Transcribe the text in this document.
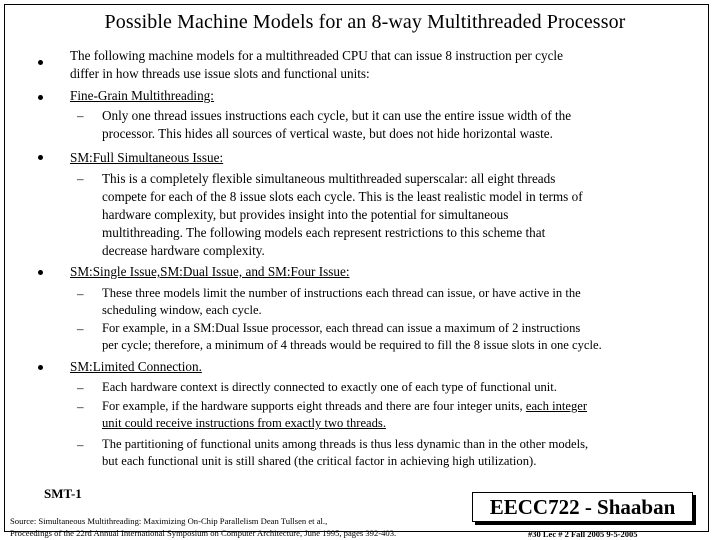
Possible Machine Models for an 8-way Multithreaded Processor
The following machine models for a multithreaded CPU that can issue 8 instruction per cycle
differ in how threads use issue slots and functional units:
Fine-Grain Multithreading:
– Only one thread issues instructions each cycle, but it can use the entire issue width of the
processor. This hides all sources of vertical waste, but does not hide horizontal waste.
SM:Full Simultaneous Issue:
– This is a completely flexible simultaneous multithreaded superscalar: all eight threads
compete for each of the 8 issue slots each cycle. This is the least realistic model in terms of
hardware complexity, but provides insight into the potential for simultaneous
multithreading. The following models each represent restrictions to this scheme that
decrease hardware complexity.
SM:Single Issue,SM:Dual Issue, and SM:Four Issue:
– These three models limit the number of instructions each thread can issue, or have active in the
scheduling window, each cycle.
– For example, in a SM:Dual Issue processor, each thread can issue a maximum of 2 instructions
per cycle; therefore, a minimum of 4 threads would be required to fill the 8 issue slots in one cycle.
SM:Limited Connection.
– Each hardware context is directly connected to exactly one of each type of functional unit.
– For example, if the hardware supports eight threads and there are four integer units, each integer
unit could receive instructions from exactly two threads.
– The partitioning of functional units among threads is thus less dynamic than in the other models,
but each functional unit is still shared (the critical factor in achieving high utilization).
SMT-1
Source: Simultaneous Multithreading: Maximizing On-Chip Parallelism Dean Tullsen et al.,
Proceedings of the 22rd Annual International Symposium on Computer Architecture, June 1995, pages 392-403.
EECC722 - Shaaban
#30 Lec # 2 Fall 2005 9-5-2005
